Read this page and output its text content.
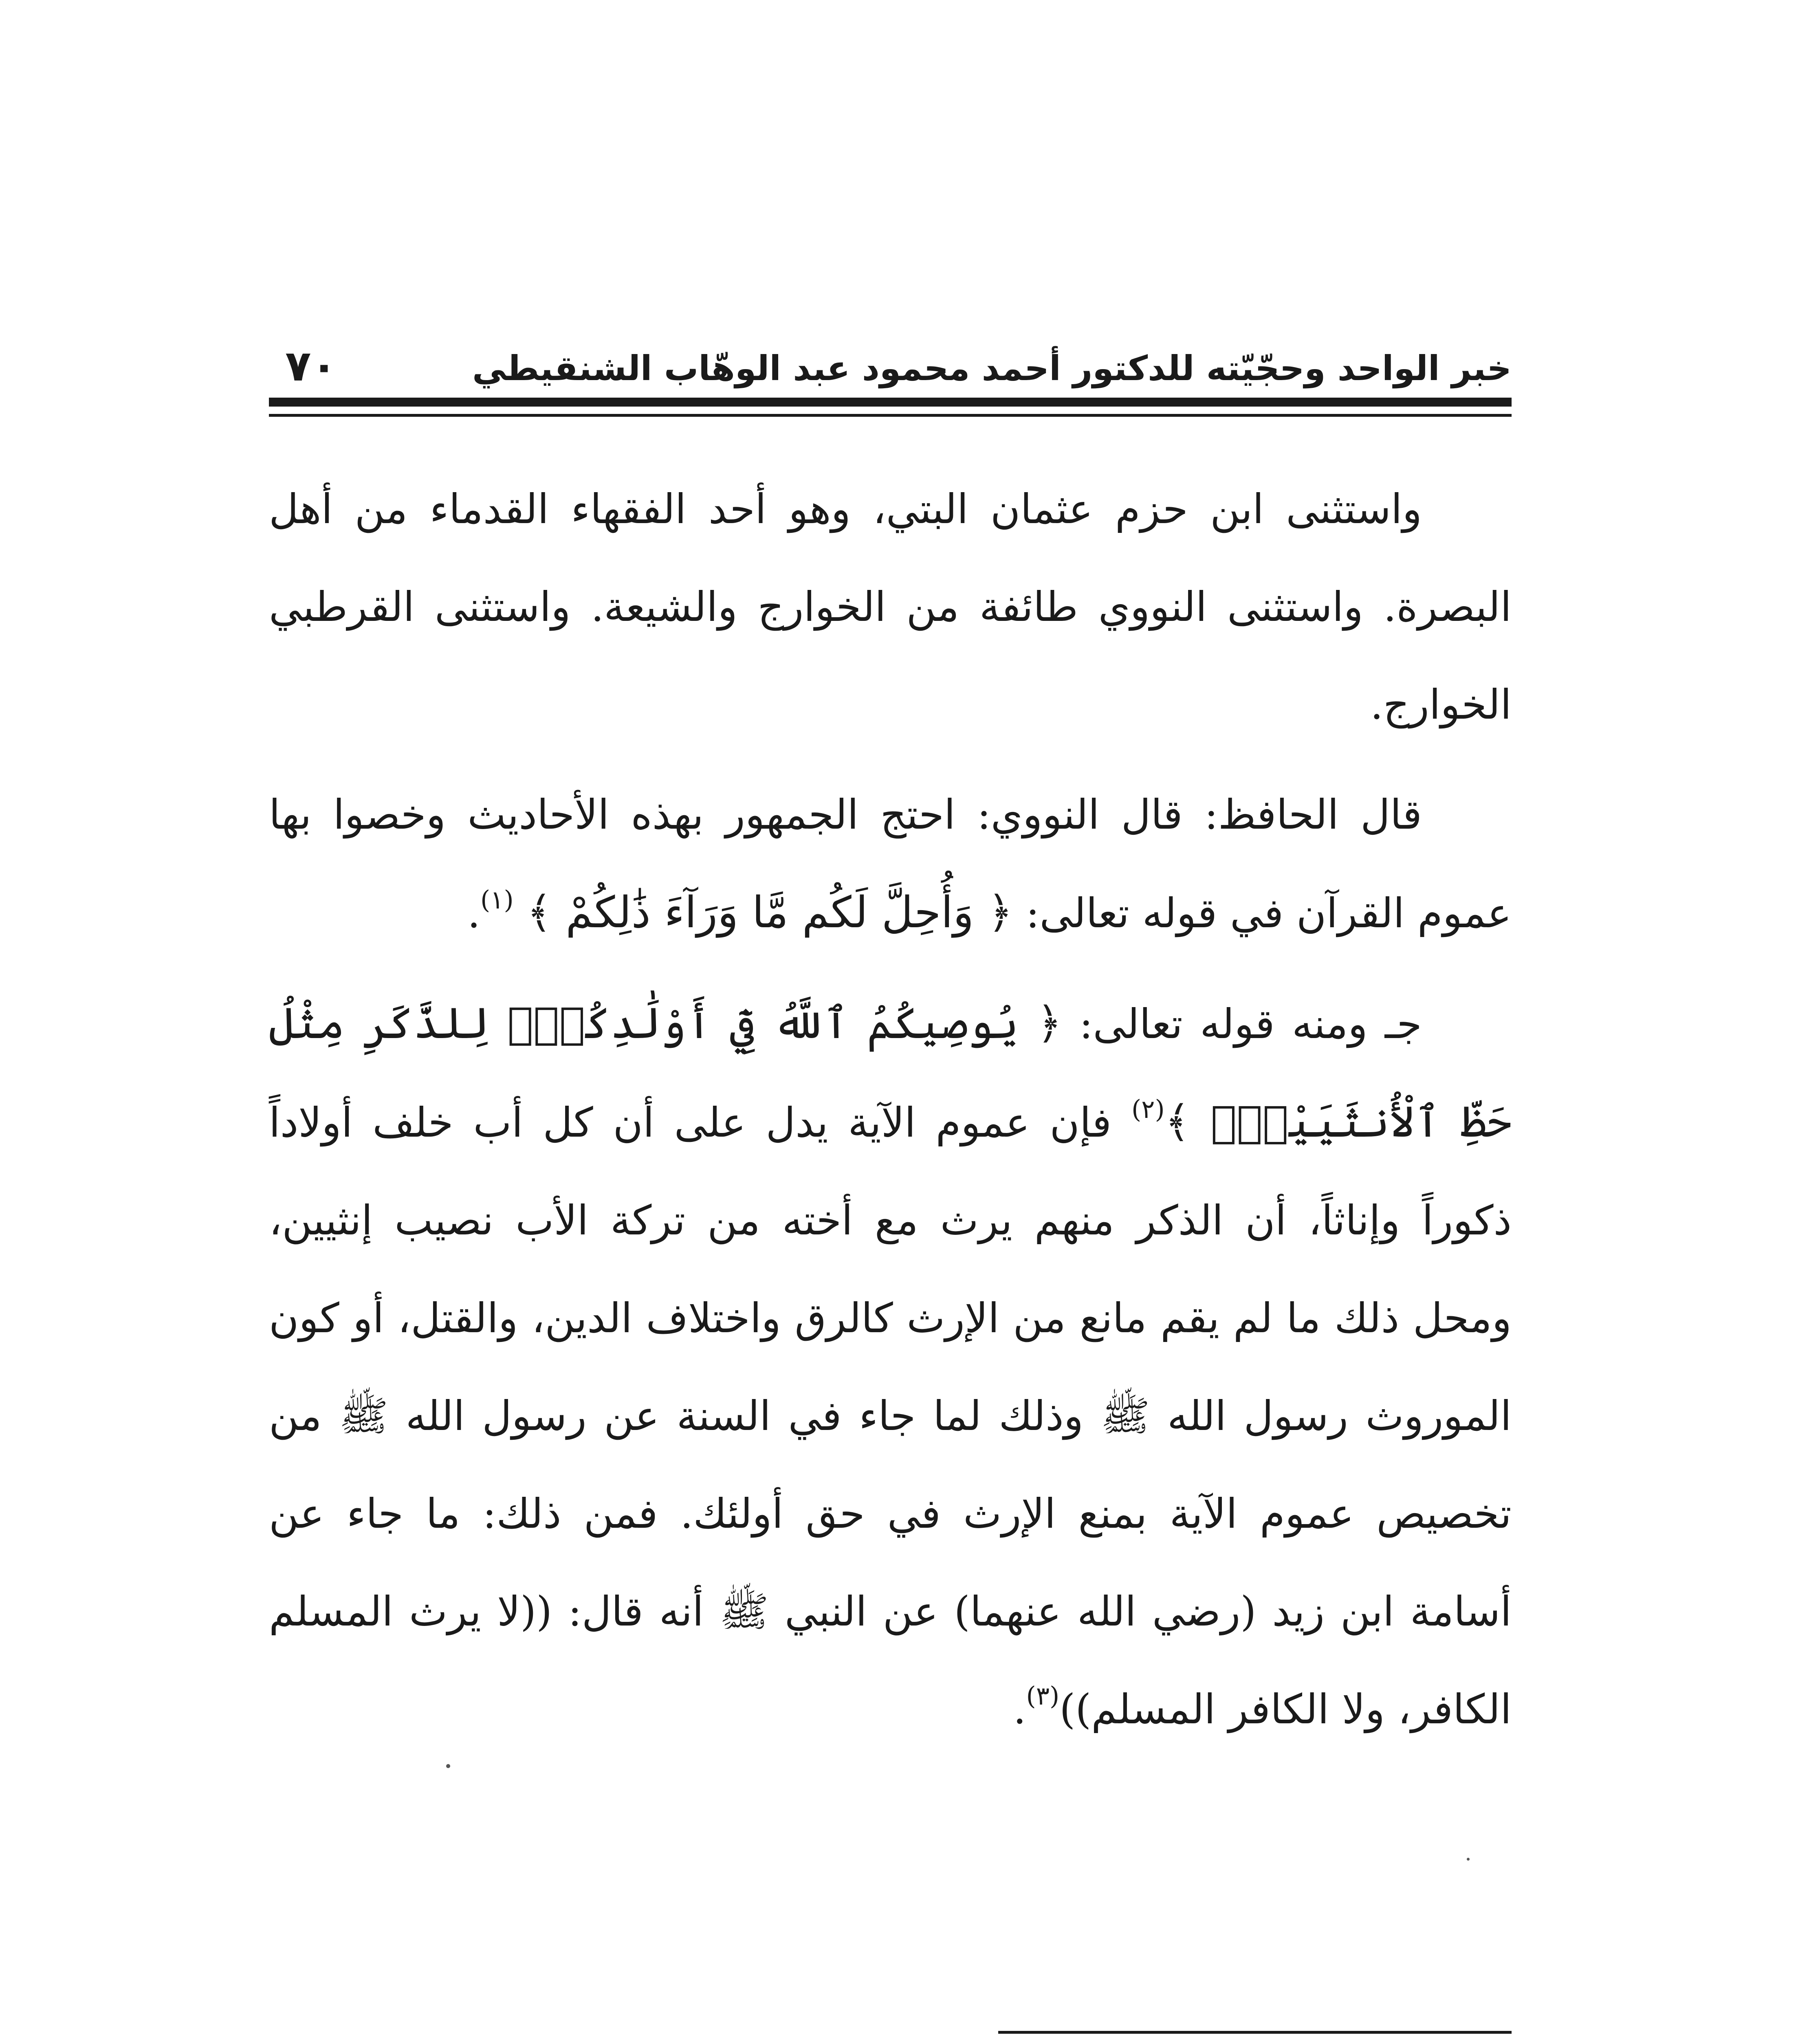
خبر الواحد وحجّيّته للدكتور أحمد محمود عبد الوهّاب الشنقيطي
٧٠

واستثنى ابن حزم عثمان البتي، وهو أحد الفقهاء القدماء من أهل البصرة. واستثنى النووي طائفة من الخوارج والشيعة. واستثنى القرطبي الخوارج.

قال الحافظ: قال النووي: احتج الجمهور بهذه الأحاديث وخصوا بها عموم القرآن في قوله تعالى: ﴿ وَأُحِلَّ لَكُم مَّا وَرَآءَ ذَٰلِكُمْ ﴾ $^{(١)}$.

جـ ومنه قوله تعالى: ﴿ يُوصِيكُمُ ٱللَّهُ فِيٓ أَوْلَٰدِكُمْۖ لِلذَّكَرِ مِثْلُ حَظِّ ٱلْأُنثَيَيْنِۚ ﴾$^{(٢)}$ فإن عموم الآية يدل على أن كل أب خلف أولاداً ذكوراً وإناثاً، أن الذكر منهم يرث مع أخته من تركة الأب نصيب إنثيين، ومحل ذلك ما لم يقم مانع من الإرث كالرق واختلاف الدين، والقتل، أو كون الموروث رسول الله ﷺ وذلك لما جاء في السنة عن رسول الله ﷺ من تخصيص عموم الآية بمنع الإرث في حق أولئك. فمن ذلك: ما جاء عن أسامة ابن زيد (رضي الله عنهما) عن النبي ﷺ أنه قال: ((لا يرث المسلم الكافر، ولا الكافر المسلم))$^{(٣)}$.
